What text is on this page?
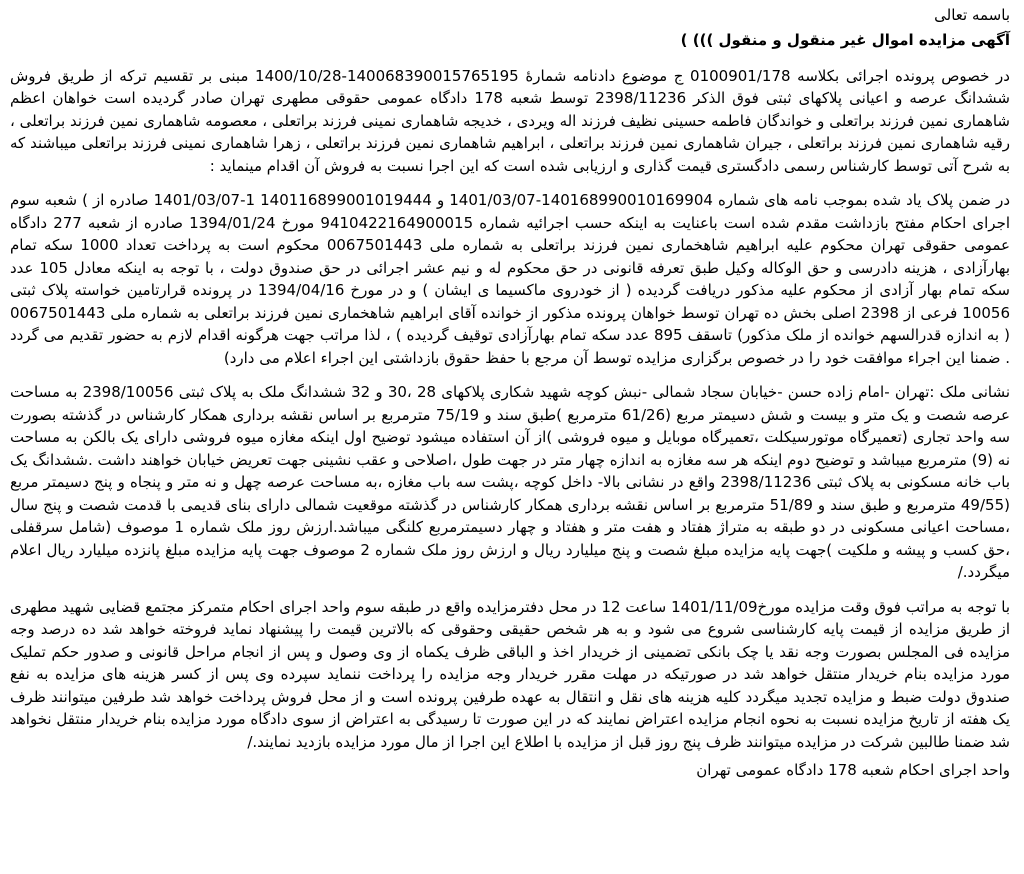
باسمه تعالی

آگهی مزایده اموال غیر منقول و منقول ))) )

در خصوص پرونده اجرائی بکلاسه 0100901/178 ج موضوع دادنامه شمارۀ 140068390015765195-1400/10/28 مبنی بر تقسیم ترکه از طریق فروش ششدانگ عرصه و اعیانی پلاکهای ثبتی فوق الذکر 2398/11236 توسط شعبه 178 دادگاه عمومی حقوقی مطهری تهران صادر گردیده است خواهان اعظم شاهماری نمین فرزند براتعلی و خواندگان فاطمه حسینی نظیف فرزند اله ویردی ، خدیجه شاهماری نمینی فرزند براتعلی ، معصومه شاهماری نمین فرزند براتعلی ، رقیه شاهماری نمین فرزند براتعلی ، جیران شاهماری نمین فرزند براتعلی ، ابراهیم شاهماری نمین فرزند براتعلی ، زهرا شاهماری نمینی فرزند براتعلی میباشند که به شرح آتی توسط کارشناس رسمی دادگستری قیمت گذاری و ارزیابی شده است که این اجرا نسبت به فروش آن اقدام مینماید :

در ضمن پلاک یاد شده بموجب نامه های شماره 140168990010169904-1401/03/07 و 140116899001019444 1-1401/03/07 صادره از ) شعبه سوم اجرای احکام مفتح بازداشت مقدم شده است باعنایت به اینکه حسب اجرائیه شماره 9410422164900015 مورخ 1394/01/24 صادره از شعبه 277 دادگاه عمومی حقوقی تهران محکوم علیه ابراهیم شاهخماری نمین فرزند براتعلی به شماره ملی 0067501443 محکوم است به پرداخت تعداد 1000 سکه تمام بهارآزادی ، هزینه دادرسی و حق الوکاله وکیل طبق تعرفه قانونی در حق محکوم له و نیم عشر اجرائی در حق صندوق دولت ، با توجه به اینکه معادل 105 عدد سکه تمام بهار آزادی از محکوم علیه مذکور دریافت گردیده ( از خودروی ماکسیما ی ایشان ) و در مورخ 1394/04/16 در پرونده قرارتامین خواسته پلاک ثبتی 10056 فرعی از 2398 اصلی بخش ده تهران توسط خواهان پرونده مذکور از خوانده آقای ابراهیم شاهخماری نمین فرزند براتعلی به شماره ملی 0067501443 ( به اندازه قدرالسهم خوانده از ملک مذکور) تاسقف 895 عدد سکه تمام بهارآزادی توقیف گردیده ) ، لذا مراتب جهت هرگونه اقدام لازم به حضور تقدیم می گردد . ضمنا این اجراء موافقت خود را در خصوص برگزاری مزایده توسط آن مرجع با حفظ حقوق بازداشتی این اجراء اعلام می دارد)

نشانی ملک :تهران -امام زاده حسن -خیابان سجاد شمالی -نبش کوچه شهید شکاری پلاکهای 28 ،30 و 32 ششدانگ ملک به پلاک ثبتی 2398/10056 به مساحت عرصه شصت و یک متر و بیست و شش دسیمتر مربع (61/26 مترمربع )طبق سند و 75/19 مترمربع بر اساس نقشه برداری همکار کارشناس در گذشته بصورت سه واحد تجاری (تعمیرگاه موتورسیکلت ،تعمیرگاه موبایل و میوه فروشی )از آن استفاده میشود توضیح اول اینکه مغازه میوه فروشی دارای یک بالکن به مساحت نه (9) مترمربع میباشد و توضیح دوم اینکه هر سه مغازه به اندازه چهار متر در جهت طول ،اصلاحی و عقب نشینی جهت تعریض خیابان خواهند داشت .ششدانگ یک باب خانه مسکونی به پلاک ثبتی 2398/11236 واقع در نشانی بالا- داخل کوچه ،پشت سه باب مغازه ،به مساحت عرصه چهل و نه متر و پنجاه و پنج دسیمتر مربع (49/55 مترمربع و طبق سند و 51/89 مترمربع بر اساس نقشه برداری همکار کارشناس در گذشته موقعیت شمالی دارای بنای قدیمی با قدمت شصت و پنج سال ،مساحت اعیانی مسکونی در دو طبقه به متراژ هفتاد و هفت متر و هفتاد و چهار دسیمترمربع کلنگی میباشد.ارزش روز ملک شماره 1 موصوف (شامل سرقفلی ،حق کسب و پیشه و ملکیت )جهت پایه مزایده مبلغ شصت و پنج میلیارد ریال و ارزش روز ملک شماره 2 موصوف جهت پایه مزایده مبلغ پانزده میلیارد ریال اعلام میگردد./

با توجه به مراتب فوق وقت مزایده مورخ1401/11/09 ساعت 12 در محل دفترمزایده واقع در طبقه سوم واحد اجرای احکام متمرکز مجتمع قضایی شهید مطهری از طریق مزایده از قیمت پایه کارشناسی شروع می شود و به هر شخص حقیقی وحقوقی که بالاترین قیمت را پیشنهاد نماید فروخته خواهد شد ده درصد وجه مزایده فی المجلس بصورت وجه نقد یا چک بانکی تضمینی از خریدار اخذ و الباقی ظرف یکماه از وی وصول و پس از انجام مراحل قانونی و صدور حکم تملیک مورد مزایده بنام خریدار منتقل خواهد شد در صورتیکه در مهلت مقرر خریدار وجه مزایده را پرداخت ننماید سپرده وی پس از کسر هزینه های مزایده به نفع صندوق دولت ضبط و مزایده تجدید میگردد کلیه هزینه های نقل و انتقال به عهده طرفین پرونده است و از محل فروش پرداخت خواهد شد طرفین میتوانند ظرف یک هفته از تاریخ مزایده نسبت به نحوه انجام مزایده اعتراض نمایند که در این صورت تا رسیدگی به اعتراض از سوی دادگاه مورد مزایده بنام خریدار منتقل نخواهد شد ضمنا طالبین شرکت در مزایده میتوانند ظرف پنج روز قبل از مزایده با اطلاع این اجرا از مال مورد مزایده بازدید نمایند./

واحد اجرای احکام شعبه 178 دادگاه عمومی تهران
